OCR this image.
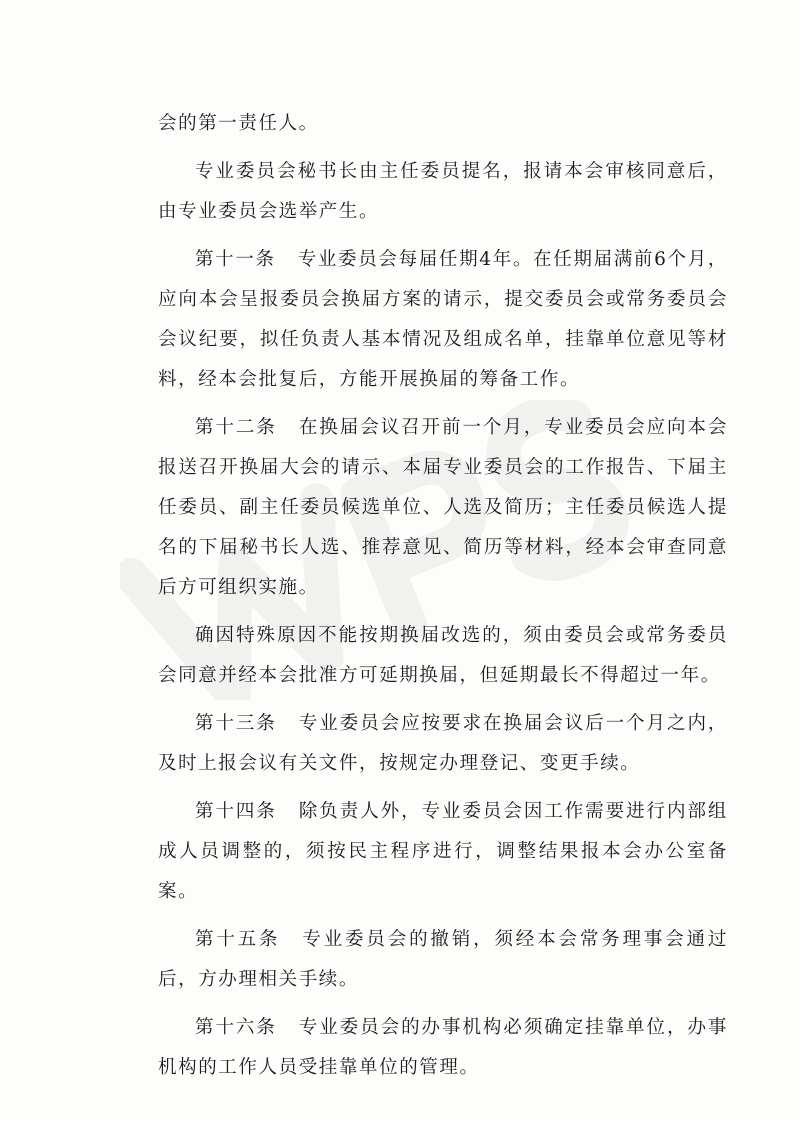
会的第一责任人。

专业委员会秘书长由主任委员提名，报请本会审核同意后，由专业委员会选举产生。

第十一条 专业委员会每届任期4年。在任期届满前6个月，应向本会呈报委员会换届方案的请示，提交委员会或常务委员会会议纪要，拟任负责人基本情况及组成名单，挂靠单位意见等材料，经本会批复后，方能开展换届的筹备工作。

第十二条 在换届会议召开前一个月，专业委员会应向本会报送召开换届大会的请示、本届专业委员会的工作报告、下届主任委员、副主任委员候选单位、人选及简历；主任委员候选人提名的下届秘书长人选、推荐意见、简历等材料，经本会审查同意后方可组织实施。

确因特殊原因不能按期换届改选的，须由委员会或常务委员会同意并经本会批准方可延期换届，但延期最长不得超过一年。

第十三条 专业委员会应按要求在换届会议后一个月之内，及时上报会议有关文件，按规定办理登记、变更手续。

第十四条 除负责人外，专业委员会因工作需要进行内部组成人员调整的，须按民主程序进行，调整结果报本会办公室备案。

第十五条 专业委员会的撤销，须经本会常务理事会通过后，方办理相关手续。

第十六条 专业委员会的办事机构必须确定挂靠单位，办事机构的工作人员受挂靠单位的管理。
